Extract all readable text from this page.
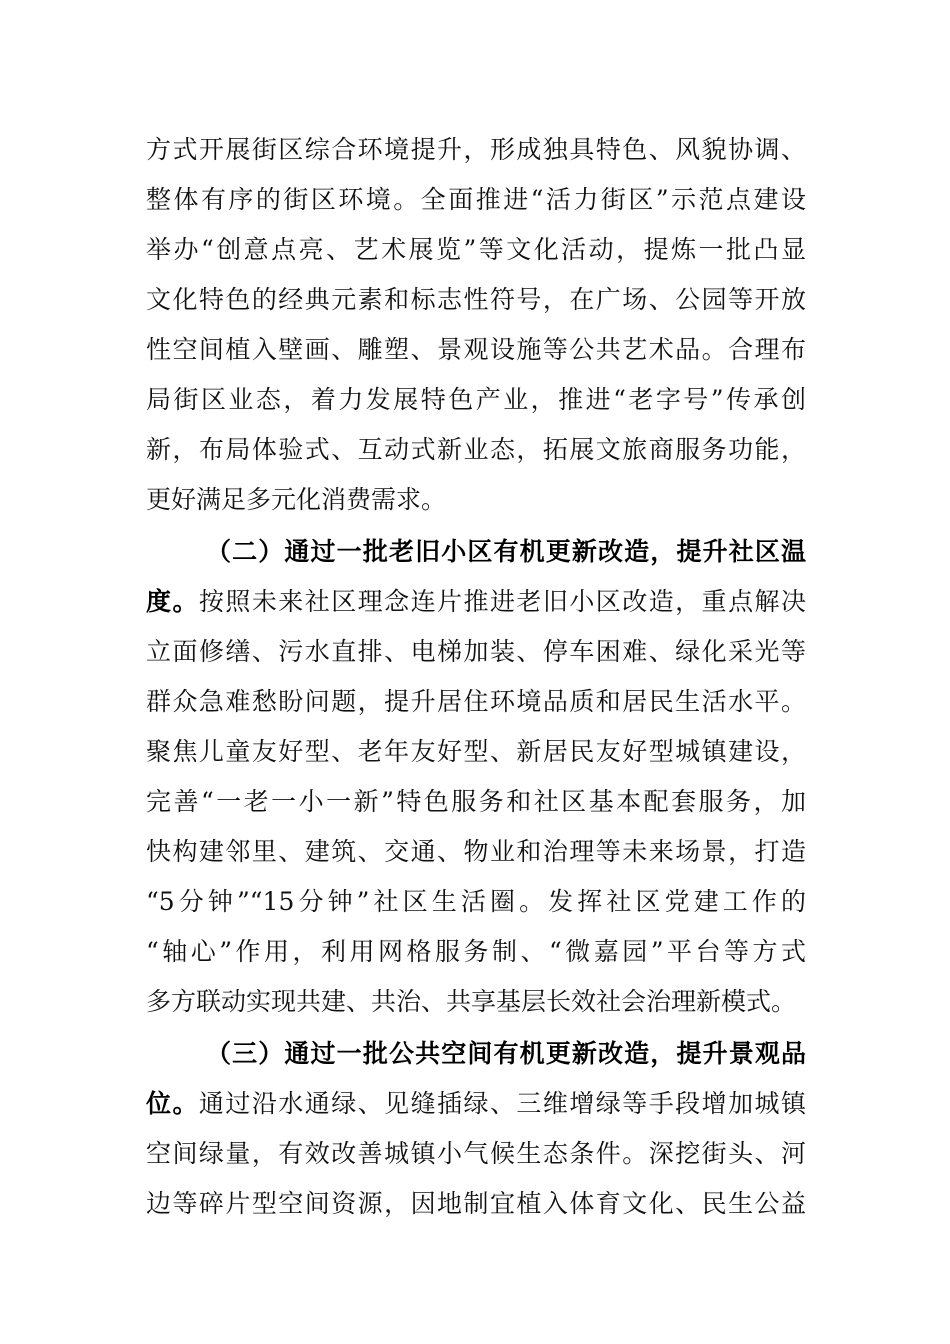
方式开展街区综合环境提升，形成独具特色、风貌协调、
整体有序的街区环境。全面推进“活力街区”示范点建设
举办“创意点亮、艺术展览”等文化活动，提炼一批凸显
文化特色的经典元素和标志性符号，在广场、公园等开放
性空间植入壁画、雕塑、景观设施等公共艺术品。合理布
局街区业态，着力发展特色产业，推进“老字号”传承创
新，布局体验式、互动式新业态，拓展文旅商服务功能，
更好满足多元化消费需求。
（二）通过一批老旧小区有机更新改造，提升社区温
度。按照未来社区理念连片推进老旧小区改造，重点解决
立面修缮、污水直排、电梯加装、停车困难、绿化采光等
群众急难愁盼问题，提升居住环境品质和居民生活水平。
聚焦儿童友好型、老年友好型、新居民友好型城镇建设，
完善“一老一小一新”特色服务和社区基本配套服务，加
快构建邻里、建筑、交通、物业和治理等未来场景，打造
“5分钟”“15分钟”社区生活圈。发挥社区党建工作的
“轴心”作用，利用网格服务制、“微嘉园”平台等方式
多方联动实现共建、共治、共享基层长效社会治理新模式。
（三）通过一批公共空间有机更新改造，提升景观品
位。通过沿水通绿、见缝插绿、三维增绿等手段增加城镇
空间绿量，有效改善城镇小气候生态条件。深挖街头、河
边等碎片型空间资源，因地制宜植入体育文化、民生公益
